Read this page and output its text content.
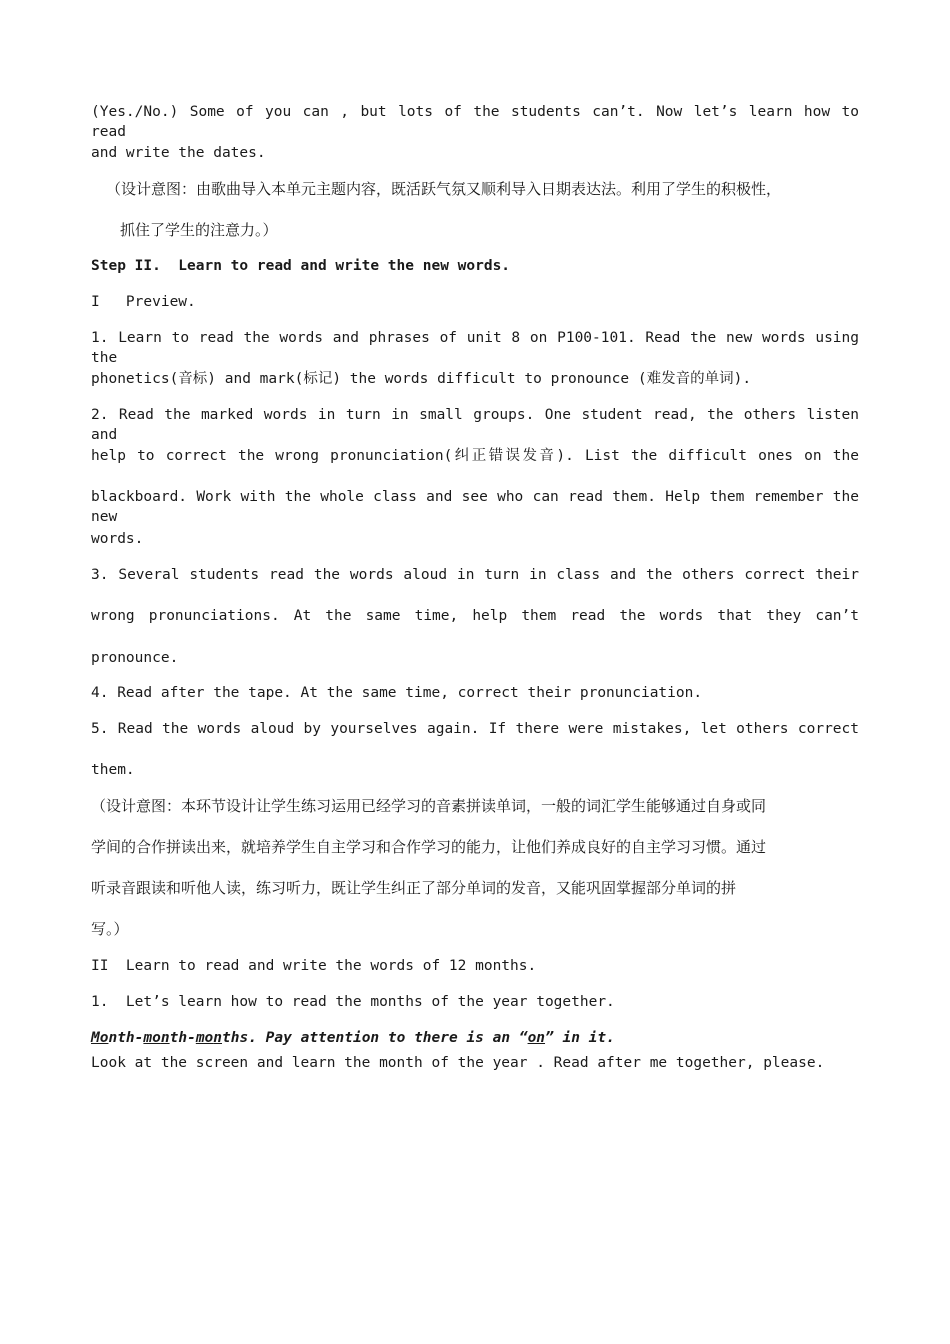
(Yes./No.) Some of you can , but lots of the students can’t. Now let’s learn how to read
and write the dates.
（设计意图：由歌曲导入本单元主题内容，既活跃气氛又顺利导入日期表达法。利用了学生的积极性，
抓住了学生的注意力。）
Step II.  Learn to read and write the new words.
I   Preview.
1. Learn to read the words and phrases of unit 8 on P100-101. Read the new words using the
phonetics(音标) and mark(标记) the words difficult to pronounce (难发音的单词).
2. Read the marked words in turn in small groups. One student read, the others listen and
help to correct the wrong pronunciation(纠正错误发音). List the difficult ones on the
blackboard. Work with the whole class and see who can read them. Help them remember the new
words.
3. Several students read the words aloud in turn in class and the others correct their
wrong pronunciations. At the same time, help them read the words that they can’t
pronounce.
4. Read after the tape. At the same time, correct their pronunciation.
5. Read the words aloud by yourselves again. If there were mistakes, let others correct
them.
（设计意图：本环节设计让学生练习运用已经学习的音素拼读单词，一般的词汇学生能够通过自身或同
学间的合作拼读出来，就培养学生自主学习和合作学习的能力，让他们养成良好的自主学习习惯。通过
听录音跟读和听他人读，练习听力，既让学生纠正了部分单词的发音，又能巩固掌握部分单词的拼
写。）
II  Learn to read and write the words of 12 months.
1.  Let’s learn how to read the months of the year together.
Month-month-months. Pay attention to there is an “on” in it.
Look at the screen and learn the month of the year . Read after me together, please.
